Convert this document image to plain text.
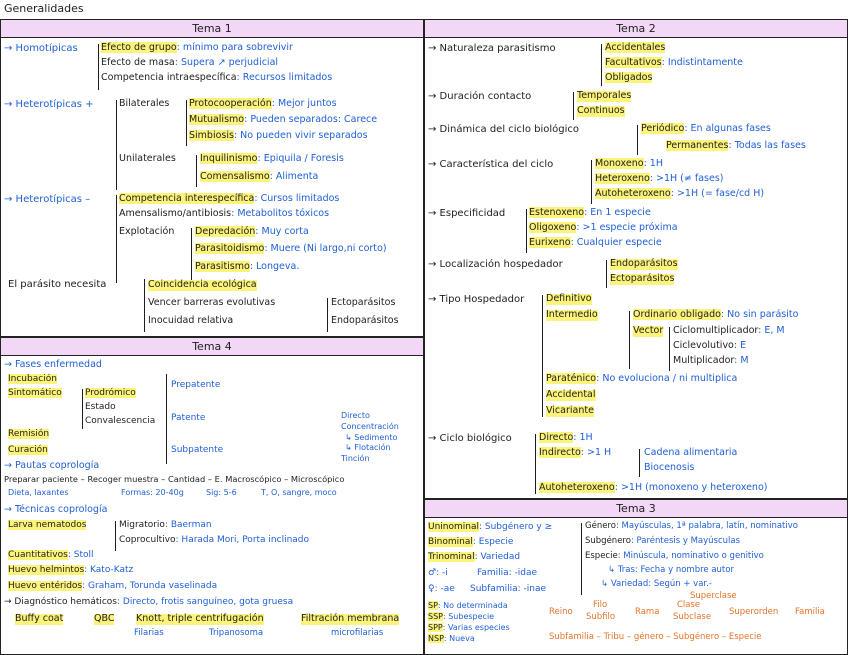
Generalidades
Tema 1
→ Homotípicas Efecto de grupo: mínimo para sobrevivir
Efecto de masa: Supera ↗ perjudicial
Competencia intraespecífica: Recursos limitados
→ Heterotípicas +	Bilaterales Protocooperación: Mejor juntos
Mutualismo: Pueden separados: Carece
Simbiosis: No pueden vivir separados
Unilaterales	Inquilinismo: Epiquila / Foresis
Comensalismo: Alimenta
→ Heterotípicas –	Competencia interespecífica: Cursos limitados
Amensalismo/antibiosis: Metabolitos tóxicos
Explotación Depredación: Muy corta
Parasitoidismo: Muere (Ni largo,ni corto)
Parasitismo: Longeva.
El parásito necesita	Coincidencia ecológica
Vencer barreras evolutivas
Inocuidad relativa
Ectoparásitos
Endoparásitos
Tema 4
→ Fases enfermedad
Incubación
Sintomático	Prodrómico
Estado
Convalescencia
Prepatente
Patente
Remisión
Curación	Subpatente
Directo
Concentración
↳ Sedimento
↳ Flotación
Tinción
→ Pautas coprología
Preparar paciente – Recoger muestra – Cantidad – E. Macroscópico – Microscópico
Dieta, laxantes	Formas: 20-40g	Sig: 5-6	T, O, sangre, moco
→ Técnicas coprología
Larva nematodos	Migratorio: Baerman
Coprocultivo: Harada Mori, Porta inclinado
Cuantitativos: Stoll
Huevo helmintos: Kato-Katz
Huevo entéridos: Graham, Torunda vaselinada
→ Diagnóstico hemáticos: Directo, frotis sanguíneo, gota gruesa
Buffy coat	QBC Knott, triple centrifugación	Filtración membrana
Filarias	Tripanosoma	microfilarias
Tema 2
→ Naturaleza parasitismo	Accidentales
Facultativos: Indistintamente
Obligados
→ Duración contacto	Temporales
Continuos
→ Dinámica del ciclo biológico	Periódico: En algunas fases
Permanentes: Todas las fases
→ Característica del ciclo	Monoxeno: 1H
Heteroxeno: >1H (≠ fases)
Autoheteroxeno: >1H (= fase/cd H)
→ Especificidad Estenoxeno: En 1 especie
Oligoxeno: >1 especie próxima
Eurixeno: Cualquier especie
→ Localización hospedador	Endoparásitos
Ectoparásitos
→ Tipo Hospedador Definitivo
Intermedio	Ordinario obligado: No sin parásito
Vector Ciclomultiplicador: E, M
Ciclevolutivo: E
Multiplicador: M
Paraténico: No evoluciona / ni multiplica
Accidental
Vicariante
→ Ciclo biológico	Directo: 1H
Indirecto: >1 H	Cadena alimentaria
Biocenosis
Autoheteroxeno: >1H (monoxeno y heteroxeno)
Tema 3
Uninominal: Subgénero y ≥
Binominal: Especie
Trinominal: Variedad
♂: -i	Familia: -idae
♀: -ae Subfamilia: -inae
SP: No determinada
SSP: Subespecie
SPP: Varias especies
NSP: Nueva
Género: Mayúsculas, 1ª palabra, latín, nominativo
Subgénero: Paréntesis y Mayúsculas
Especie: Minúscula, nominativo o genitivo
↳ Tras: Fecha y nombre autor
↳ Variedad: Según + var.-
Reino
Filo
Subfilo Rama
Clase
Subclase
Superclase
Superorden Familia
Subfamilia – Tribu – género – Subgénero – Especie
